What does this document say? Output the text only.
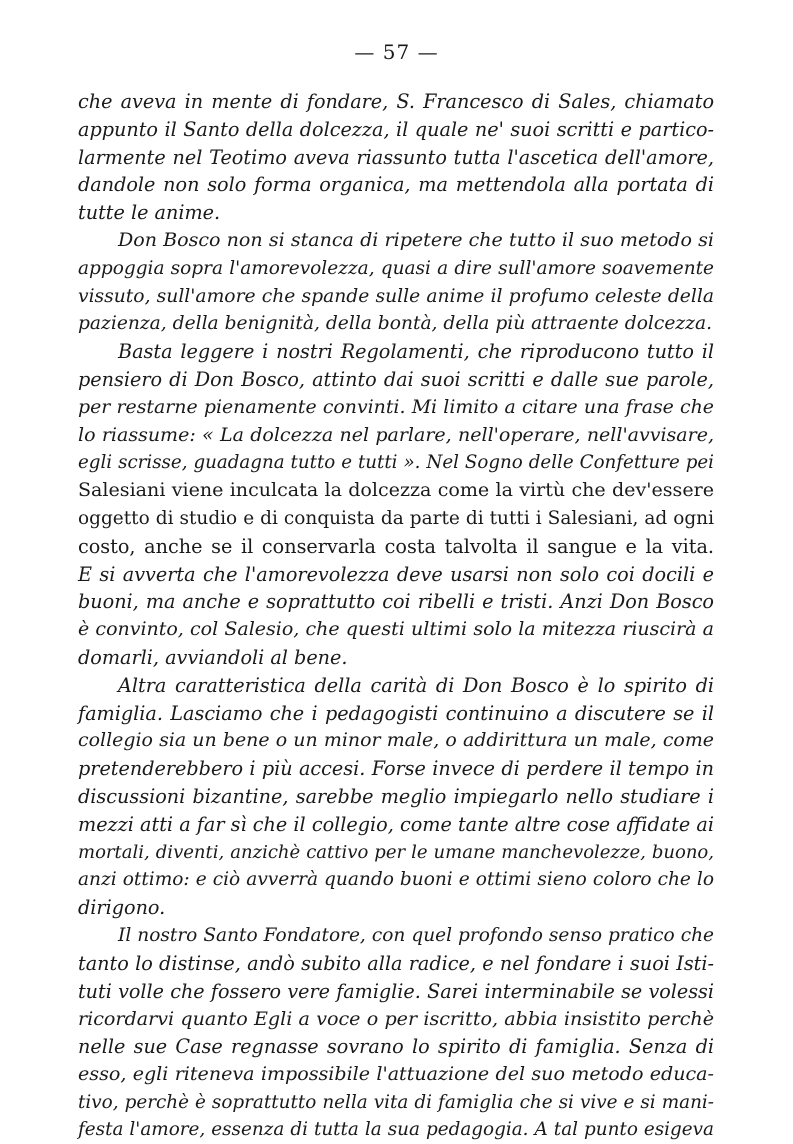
— 57 —
che aveva in mente di fondare, S. Francesco di Sales, chiamato
appunto il Santo della dolcezza, il quale ne' suoi scritti e partico-
larmente nel Teotimo aveva riassunto tutta l'ascetica dell'amore,
dandole non solo forma organica, ma mettendola alla portata di
tutte le anime.
Don Bosco non si stanca di ripetere che tutto il suo metodo si
appoggia sopra l'amorevolezza, quasi a dire sull'amore soavemente
vissuto, sull'amore che spande sulle anime il profumo celeste della
pazienza, della benignità, della bontà, della più attraente dolcezza.
Basta leggere i nostri Regolamenti, che riproducono tutto il
pensiero di Don Bosco, attinto dai suoi scritti e dalle sue parole,
per restarne pienamente convinti. Mi limito a citare una frase che
lo riassume: « La dolcezza nel parlare, nell'operare, nell'avvisare,
egli scrisse, guadagna tutto e tutti ». Nel Sogno delle Confetture pei
Salesiani viene inculcata la dolcezza come la virtù che dev'essere
oggetto di studio e di conquista da parte di tutti i Salesiani, ad ogni
costo, anche se il conservarla costa talvolta il sangue e la vita.
E si avverta che l'amorevolezza deve usarsi non solo coi docili e
buoni, ma anche e soprattutto coi ribelli e tristi. Anzi Don Bosco
è convinto, col Salesio, che questi ultimi solo la mitezza riuscirà a
domarli, avviandoli al bene.
Altra caratteristica della carità di Don Bosco è lo spirito di
famiglia. Lasciamo che i pedagogisti continuino a discutere se il
collegio sia un bene o un minor male, o addirittura un male, come
pretenderebbero i più accesi. Forse invece di perdere il tempo in
discussioni bizantine, sarebbe meglio impiegarlo nello studiare i
mezzi atti a far sì che il collegio, come tante altre cose affidate ai
mortali, diventi, anzichè cattivo per le umane manchevolezze, buono,
anzi ottimo: e ciò avverrà quando buoni e ottimi sieno coloro che lo
dirigono.
Il nostro Santo Fondatore, con quel profondo senso pratico che
tanto lo distinse, andò subito alla radice, e nel fondare i suoi Isti-
tuti volle che fossero vere famiglie. Sarei interminabile se volessi
ricordarvi quanto Egli a voce o per iscritto, abbia insistito perchè
nelle sue Case regnasse sovrano lo spirito di famiglia. Senza di
esso, egli riteneva impossibile l'attuazione del suo metodo educa-
tivo, perchè è soprattutto nella vita di famiglia che si vive e si mani-
festa l'amore, essenza di tutta la sua pedagogia. A tal punto esigeva
